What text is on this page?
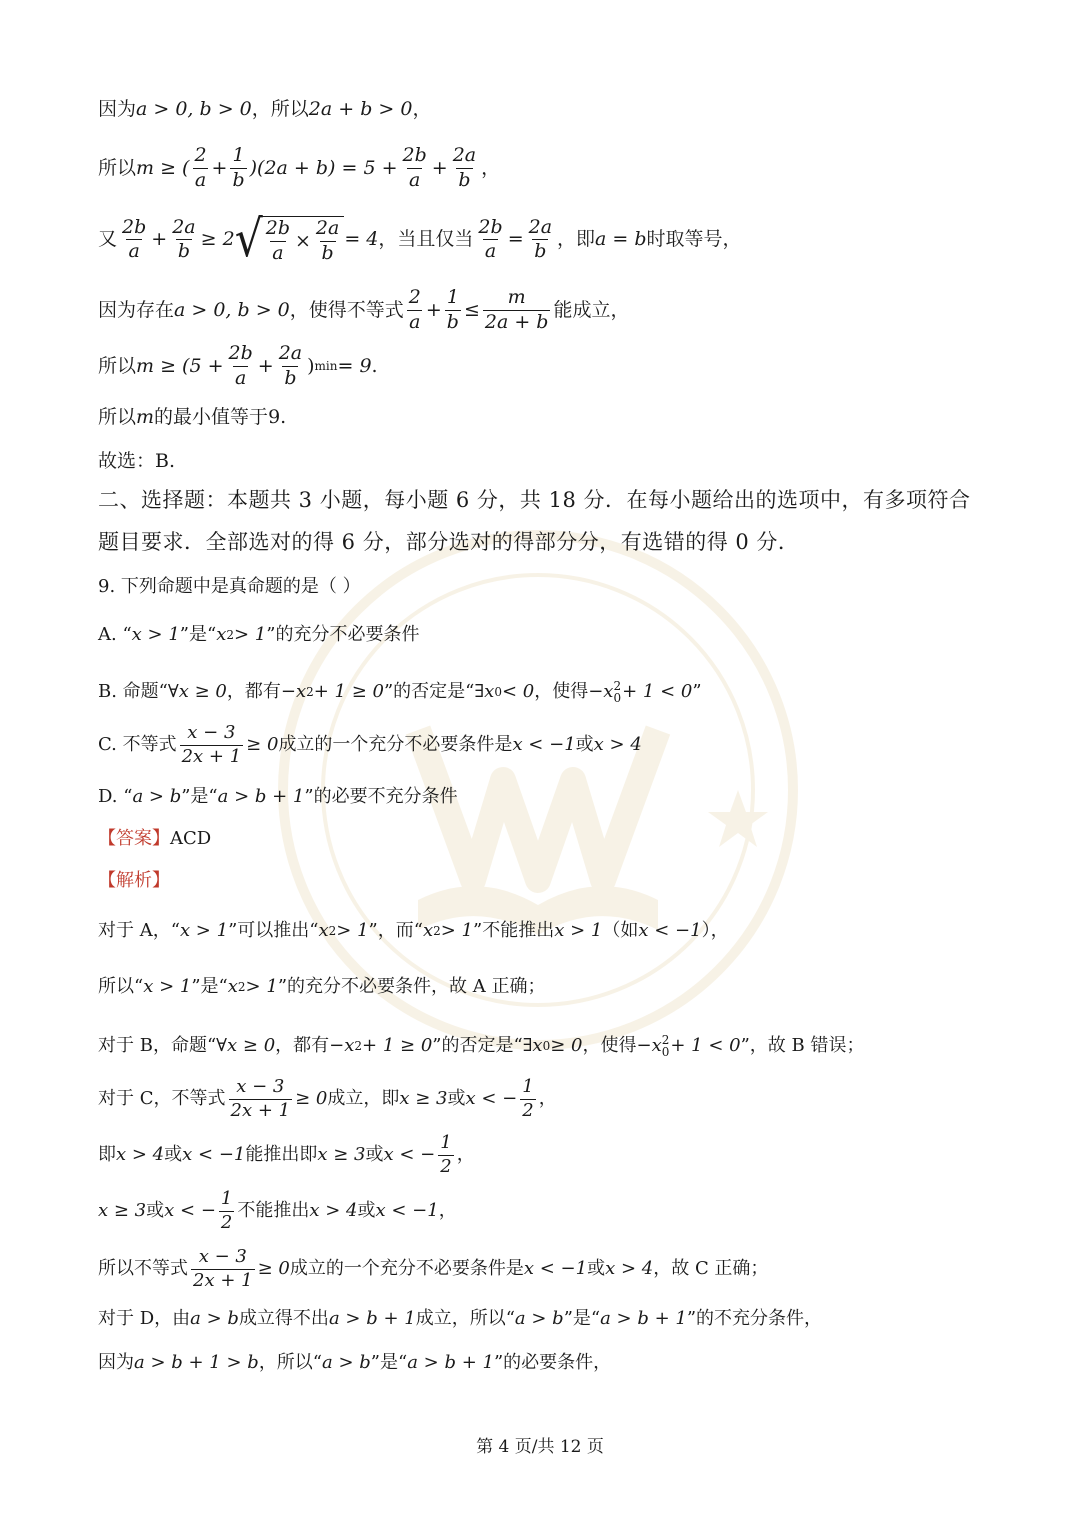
因为 a > 0, b > 0 ，所以 2a + b > 0 ，
所以 m ≥ ( $\frac{2}{a} + \frac{1}{b} )(2a + b) = 5 + \frac{2b}{a} + \frac{2a}{b}$ ，
又 $\frac{2b}{a} + \frac{2a}{b} \ge 2$ √ $\frac{2b}{a} \times \frac{2a}{b} = 4$ ，当且仅当 $\frac{2b}{a} = \frac{2a}{b}$ ，即 a = b 时取等号，
因为存在 a > 0, b > 0 ，使得不等式 $\frac{2}{a} + \frac{1}{b} \le \frac{m}{2a + b}$ 能成立，
所以 $m \ge (5 + \frac{2b}{a} + \frac{2a}{b}$ ) min = 9 .
所以 m 的最小值等于 9 .
故选：B.
二、选择题：本题共 3 小题，每小题 6 分，共 18 分．在每小题给出的选项中，有多项符合
题目要求．全部选对的得 6 分，部分选对的得部分分，有选错的得 0 分．
9. 下列命题中是真命题的是（ ）
A. “ x > 1 ”是“ x 2 > 1 ”的充分不必要条件
B. 命题“ ∀x ≥ 0 ，都有 −x 2 + 1 ≥ 0 ”的否定是“ ∃x 0 < 0 ，使得 −x 2
0 + 1 < 0 ”
C. 不等式 $\frac{x - 3}{2x + 1} \ge 0$ 成立的一个充分不必要条件是 x < −1 或 x > 4
D. “ a > b ”是“ a > b + 1 ”的必要不充分条件
【答案】 ACD
【解析】
对于 A，“ x > 1 ”可以推出“ x 2 > 1 ”，而“ x 2 > 1 ”不能推出 x > 1 （如 x < −1 ），
所以“ x > 1 ”是“ x 2 > 1 ”的充分不必要条件，故 A 正确；
对于 B，命题“ ∀x ≥ 0 ，都有 −x 2 + 1 ≥ 0 ”的否定是“ ∃x 0 ≥ 0 ，使得 −x 2
0 + 1 < 0 ”，故 B 错误；
对于 C，不等式 $\frac{x - 3}{2x + 1} \ge 0$ 成立，即 x ≥ 3 或 x < − $\frac{1}{2}$ ，
即 x > 4 或 x < −1 能推出即 x ≥ 3 或 x < − $\frac{1}{2}$ ，
x ≥ 3 或 x < − $\frac{1}{2}$ 不能推出 x > 4 或 x < −1 ，
所以不等式 $\frac{x - 3}{2x + 1} \ge 0$ 成立的一个充分不必要条件是 x < −1 或 x > 4 ，故 C 正确；
对于 D，由 a > b 成立得不出 a > b + 1 成立，所以“ a > b ”是“ a > b + 1 ”的不充分条件，
因为 a > b + 1 > b ，所以“ a > b ”是“ a > b + 1 ”的必要条件，
第 4 页/共 12 页
